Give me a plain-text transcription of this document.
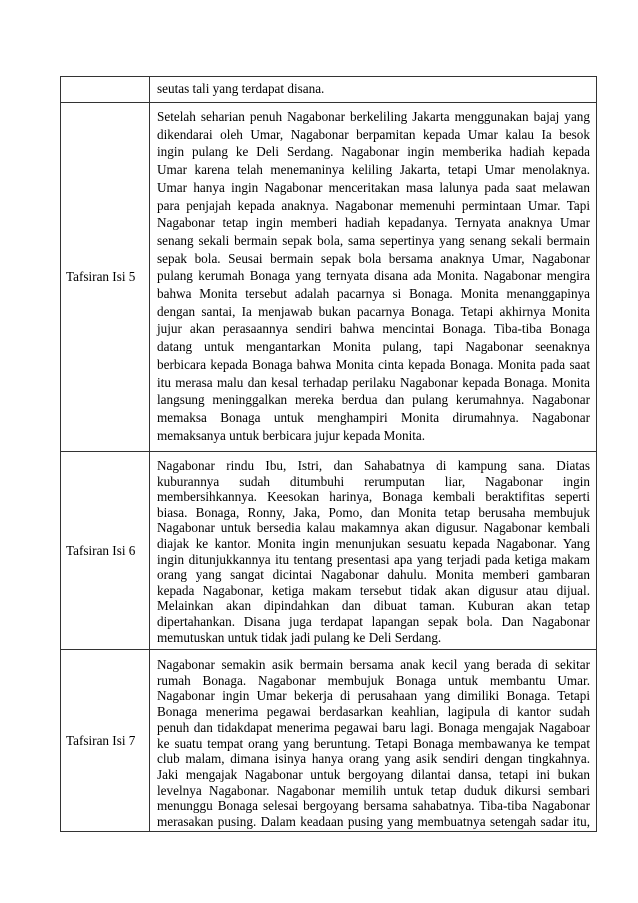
seutas tali yang terdapat disana.
Tafsiran Isi 5
Setelah seharian penuh Nagabonar berkeliling Jakarta menggunakan bajaj yang
dikendarai oleh Umar, Nagabonar berpamitan kepada Umar kalau Ia besok
ingin pulang ke Deli Serdang. Nagabonar ingin memberika hadiah kepada
Umar karena telah menemaninya keliling Jakarta, tetapi Umar menolaknya.
Umar hanya ingin Nagabonar menceritakan masa lalunya pada saat melawan
para penjajah kepada anaknya. Nagabonar memenuhi permintaan Umar. Tapi
Nagabonar tetap ingin memberi hadiah kepadanya. Ternyata anaknya Umar
senang sekali bermain sepak bola, sama sepertinya yang senang sekali bermain
sepak bola. Seusai bermain sepak bola bersama anaknya Umar, Nagabonar
pulang kerumah Bonaga yang ternyata disana ada Monita. Nagabonar mengira
bahwa Monita tersebut adalah pacarnya si Bonaga. Monita menanggapinya
dengan santai, Ia menjawab bukan pacarnya Bonaga. Tetapi akhirnya Monita
jujur akan perasaannya sendiri bahwa mencintai Bonaga. Tiba-tiba Bonaga
datang untuk mengantarkan Monita pulang, tapi Nagabonar seenaknya
berbicara kepada Bonaga bahwa Monita cinta kepada Bonaga. Monita pada saat
itu merasa malu dan kesal terhadap perilaku Nagabonar kepada Bonaga. Monita
langsung meninggalkan mereka berdua dan pulang kerumahnya. Nagabonar
memaksa Bonaga untuk menghampiri Monita dirumahnya. Nagabonar
memaksanya untuk berbicara jujur kepada Monita.
Tafsiran Isi 6
Nagabonar rindu Ibu, Istri, dan Sahabatnya di kampung sana. Diatas
kuburannya sudah ditumbuhi rerumputan liar, Nagabonar ingin
membersihkannya. Keesokan harinya, Bonaga kembali beraktifitas seperti
biasa. Bonaga, Ronny, Jaka, Pomo, dan Monita tetap berusaha membujuk
Nagabonar untuk bersedia kalau makamnya akan digusur. Nagabonar kembali
diajak ke kantor. Monita ingin menunjukan sesuatu kepada Nagabonar. Yang
ingin ditunjukkannya itu tentang presentasi apa yang terjadi pada ketiga makam
orang yang sangat dicintai Nagabonar dahulu. Monita memberi gambaran
kepada Nagabonar, ketiga makam tersebut tidak akan digusur atau dijual.
Melainkan akan dipindahkan dan dibuat taman. Kuburan akan tetap
dipertahankan. Disana juga terdapat lapangan sepak bola. Dan Nagabonar
memutuskan untuk tidak jadi pulang ke Deli Serdang.
Tafsiran Isi 7
Nagabonar semakin asik bermain bersama anak kecil yang berada di sekitar
rumah Bonaga. Nagabonar membujuk Bonaga untuk membantu Umar.
Nagabonar ingin Umar bekerja di perusahaan yang dimiliki Bonaga. Tetapi
Bonaga menerima pegawai berdasarkan keahlian, lagipula di kantor sudah
penuh dan tidakdapat menerima pegawai baru lagi. Bonaga mengajak Nagaboar
ke suatu tempat orang yang beruntung. Tetapi Bonaga membawanya ke tempat
club malam, dimana isinya hanya orang yang asik sendiri dengan tingkahnya.
Jaki mengajak Nagabonar untuk bergoyang dilantai dansa, tetapi ini bukan
levelnya Nagabonar. Nagabonar memilih untuk tetap duduk dikursi sembari
menunggu Bonaga selesai bergoyang bersama sahabatnya. Tiba-tiba Nagabonar
merasakan pusing. Dalam keadaan pusing yang membuatnya setengah sadar itu,
